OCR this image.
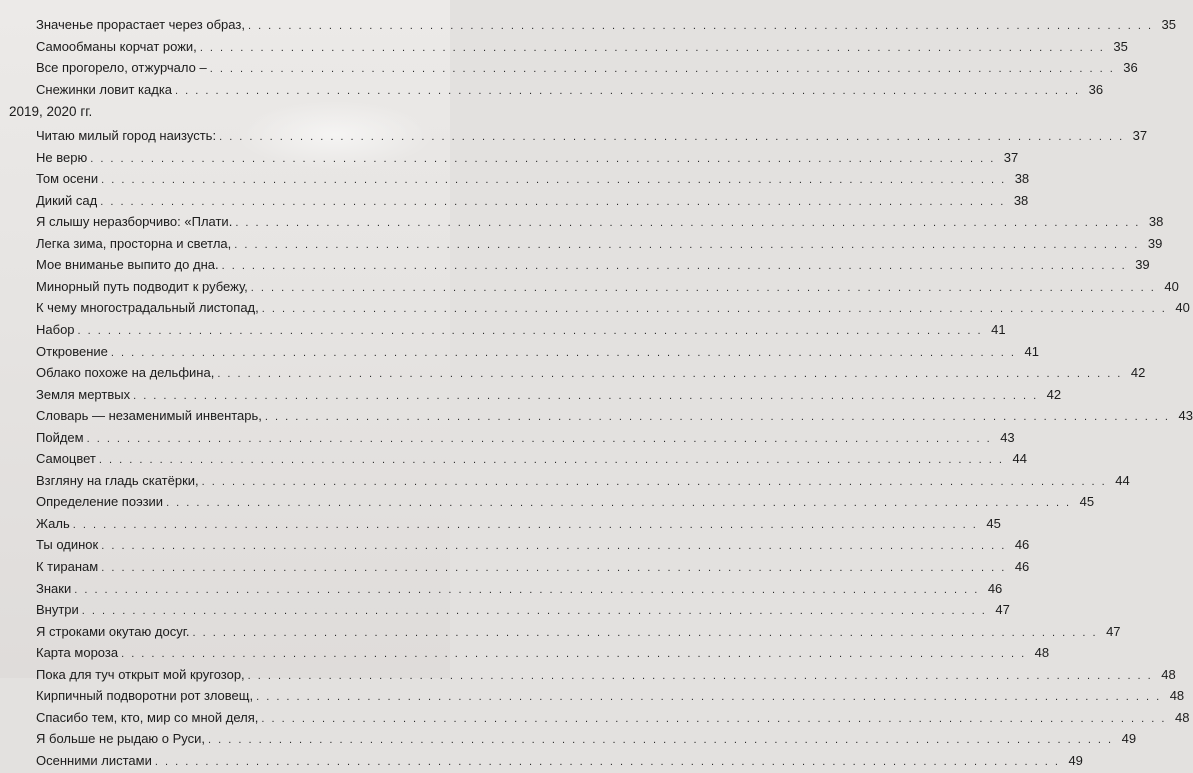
2019, 2020 гг.
Значенье прорастает через образ, . . .	35
Самообманы корчат рожи, . . .	35
Все прогорело, отжурчало – . . .	36
Снежинки ловит кадка . . .	36
Читаю милый город наизусть: . . .	37
Не верю . . .	37
Том осени . . .	38
Дикий сад . . .	38
Я слышу неразборчиво: «Плати. . . .	38
Легка зима, просторна и светла, . . .	39
Мое вниманье выпито до дна. . . .	39
Минорный путь подводит к рубежу, . . .	40
К чему многострадальный листопад, . . .	40
Набор . . .	41
Откровение . . .	41
Облако похоже на дельфина, . . .	42
Земля мертвых . . .	42
Словарь — незаменимый инвентарь, . . .	43
Пойдем . . .	43
Самоцвет . . .	44
Взгляну на гладь скатёрки, . . .	44
Определение поэзии . . .	45
Жаль . . .	45
Ты одинок . . .	46
К тиранам . . .	46
Знаки . . .	46
Внутри . . .	47
Я строками окутаю досуг. . . .	47
Карта мороза . . .	48
Пока для туч открыт мой кругозор, . . .	48
Кирпичный подворотни рот зловещ, . . .	48
Спасибо тем, кто, мир со мной деля, . . .	48
Я больше не рыдаю о Руси, . . .	49
Осенними листами . . .	49
